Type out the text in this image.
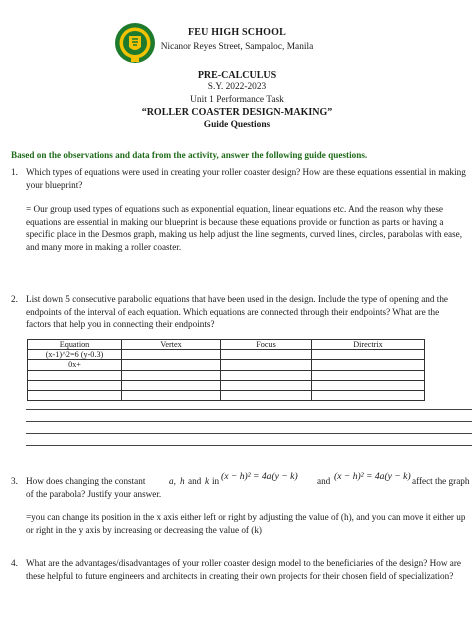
FEU HIGH SCHOOL
Nicanor Reyes Street, Sampaloc, Manila
PRE-CALCULUS
S.Y. 2022-2023
Unit 1 Performance Task
“ROLLER COASTER DESIGN-MAKING”
Guide Questions
Based on the observations and data from the activity, answer the following guide questions.
1. Which types of equations were used in creating your roller coaster design? How are these equations essential in making your blueprint?
= Our group used types of equations such as exponential equation, linear equations etc. And the reason why these equations are essential in making our blueprint is because these equations provide or function as parts or having a specific place in the Desmos graph, making us help adjust the line segments, curved lines, circles, parabolas with ease, and many more in making a roller coaster.
2. List down 5 consecutive parabolic equations that have been used in the design. Include the type of opening and the endpoints of the interval of each equation. Which equations are connected through their endpoints? What are the factors that help you in connecting their endpoints?
Equation	Vertex	Focus	Directrix
(x-1)^2=6 (y-0.3)			
0x+			

3. How does changing the constant	a, h and k in (x − h)² = 4a(y − k) and (x − h)² = 4a(y − k) affect the graph
of the parabola? Justify your answer.
=you can change its position in the x axis either left or right by adjusting the value of (h), and you can move it either up or right in the y axis by increasing or decreasing the value of (k)
4. What are the advantages/disadvantages of your roller coaster design model to the beneficiaries of the design? How are these helpful to future engineers and architects in creating their own projects for their chosen field of specialization?
